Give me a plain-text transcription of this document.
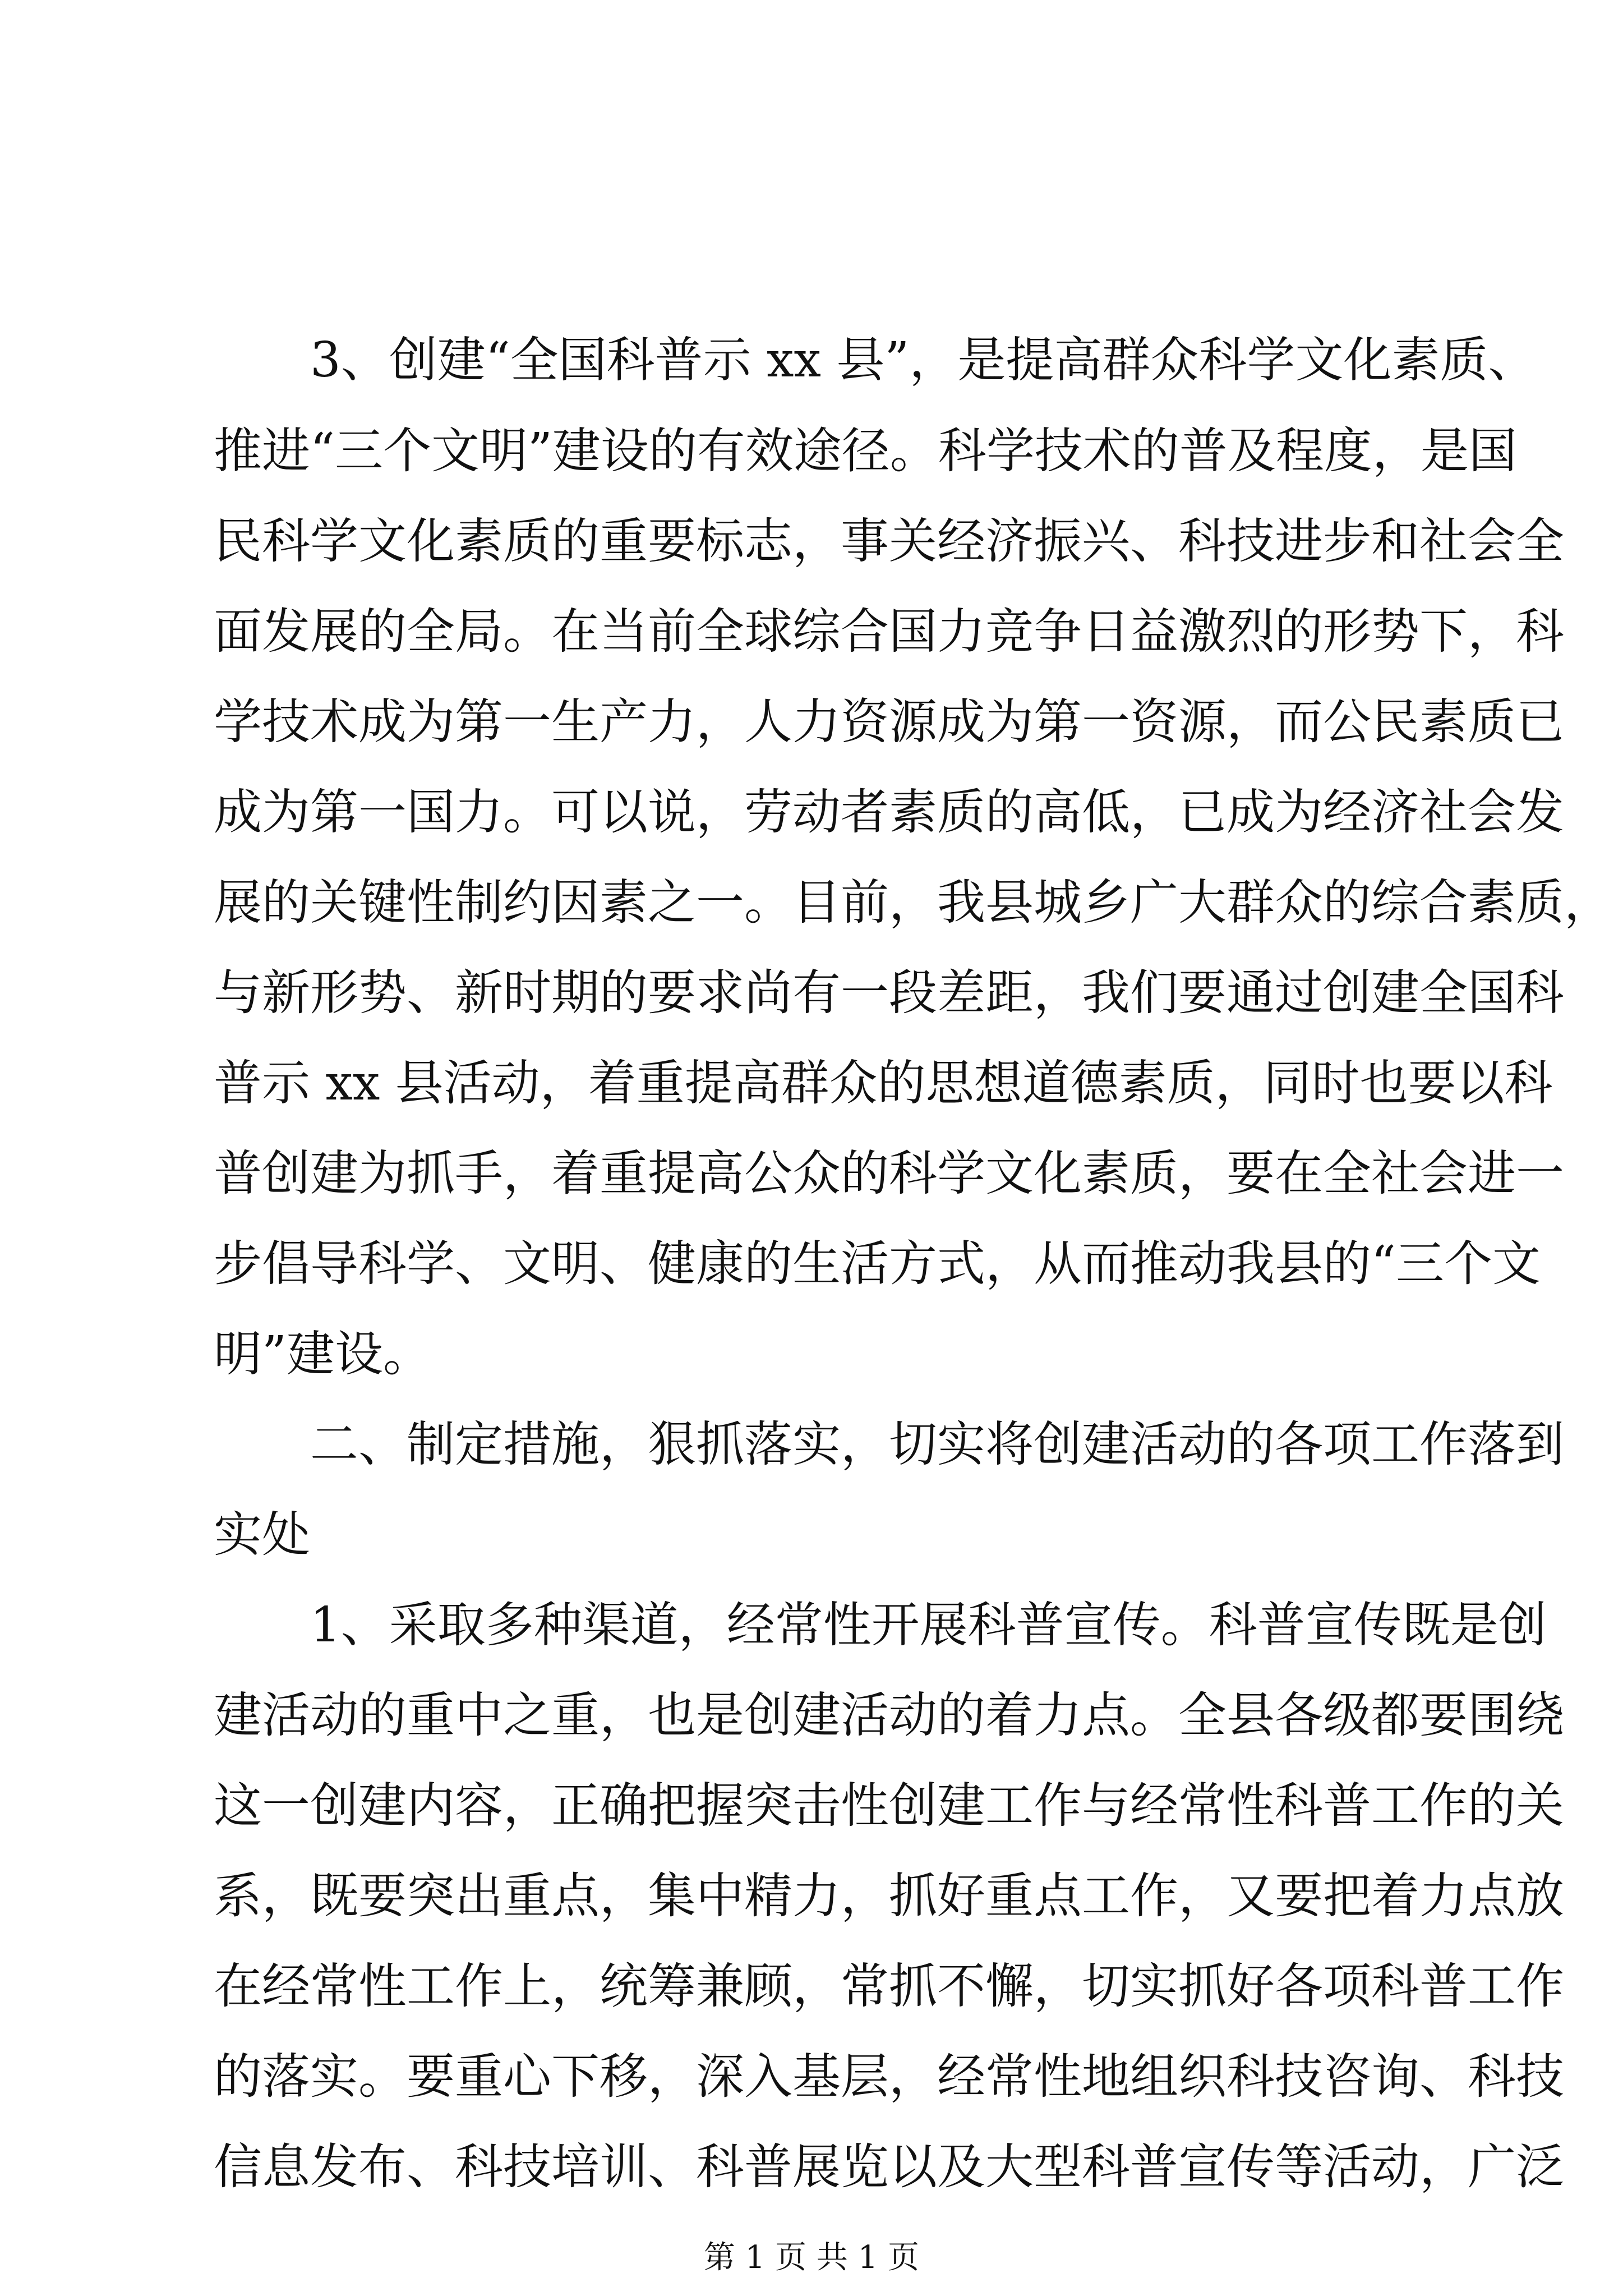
3、创建“全国科普示 xx 县”，是提高群众科学文化素质、
推进“三个文明”建设的有效途径。科学技术的普及程度，是国
民科学文化素质的重要标志，事关经济振兴、科技进步和社会全
面发展的全局。在当前全球综合国力竞争日益激烈的形势下，科
学技术成为第一生产力，人力资源成为第一资源，而公民素质已
成为第一国力。可以说，劳动者素质的高低，已成为经济社会发
展的关键性制约因素之一。目前，我县城乡广大群众的综合素质，
与新形势、新时期的要求尚有一段差距，我们要通过创建全国科
普示 xx 县活动，着重提高群众的思想道德素质，同时也要以科
普创建为抓手，着重提高公众的科学文化素质，要在全社会进一
步倡导科学、文明、健康的生活方式，从而推动我县的“三个文
明”建设。
二、制定措施，狠抓落实，切实将创建活动的各项工作落到
实处
1、采取多种渠道，经常性开展科普宣传。科普宣传既是创
建活动的重中之重，也是创建活动的着力点。全县各级都要围绕
这一创建内容，正确把握突击性创建工作与经常性科普工作的关
系，既要突出重点，集中精力，抓好重点工作，又要把着力点放
在经常性工作上，统筹兼顾，常抓不懈，切实抓好各项科普工作
的落实。要重心下移，深入基层，经常性地组织科技咨询、科技
信息发布、科技培训、科普展览以及大型科普宣传等活动，广泛
第 1 页 共 1 页
